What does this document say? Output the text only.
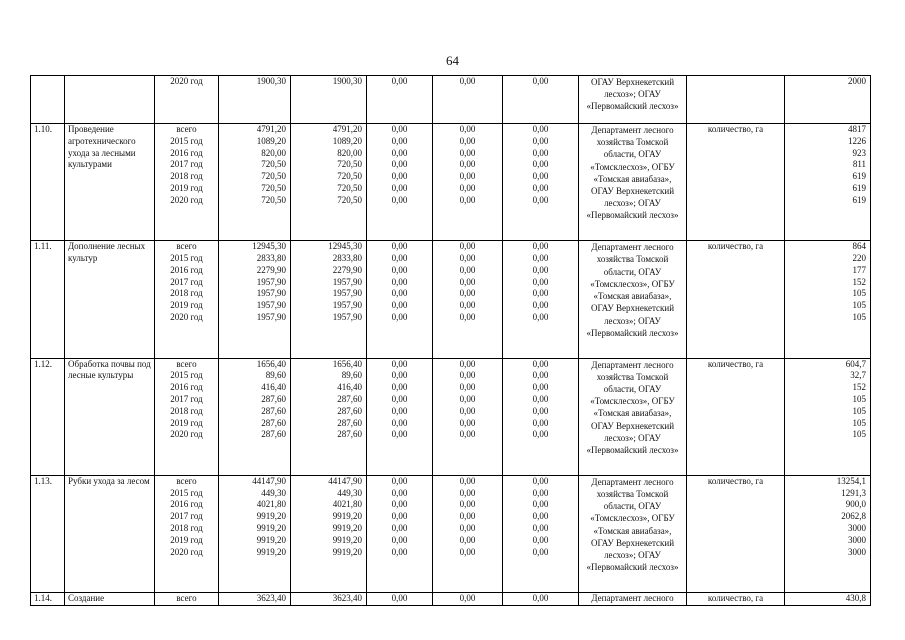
64
		2020 год	1900,30	1900,30	0,00	0,00	0,00	ОГАУ Верхнекетский лесхоз»; ОГАУ «Первомайский лесхоз»		2000
1.10.	Проведение агротехнического ухода за лесными культурами	всего	4791,20	4791,20	0,00	0,00	0,00	Департамент лесного хозяйства Томской области, ОГАУ «Томсклесхоз», ОГБУ «Томская авиабаза», ОГАУ Верхнекетский лесхоз»; ОГАУ «Первомайский лесхоз»	количество, га	4817
		2015 год	1089,20	1089,20	0,00	0,00	0,00			1226
		2016 год	820,00	820,00	0,00	0,00	0,00			923
		2017 год	720,50	720,50	0,00	0,00	0,00			811
		2018 год	720,50	720,50	0,00	0,00	0,00			619
		2019 год	720,50	720,50	0,00	0,00	0,00			619
		2020 год	720,50	720,50	0,00	0,00	0,00			619
1.11.	Дополнение лесных культур	всего	12945,30	12945,30	0,00	0,00	0,00	Департамент лесного хозяйства Томской области, ОГАУ «Томсклесхоз», ОГБУ «Томская авиабаза», ОГАУ Верхнекетский лесхоз»; ОГАУ «Первомайский лесхоз»	количество, га	864
		2015 год	2833,80	2833,80	0,00	0,00	0,00			220
		2016 год	2279,90	2279,90	0,00	0,00	0,00			177
		2017 год	1957,90	1957,90	0,00	0,00	0,00			152
		2018 год	1957,90	1957,90	0,00	0,00	0,00			105
		2019 год	1957,90	1957,90	0,00	0,00	0,00			105
		2020 год	1957,90	1957,90	0,00	0,00	0,00			105
1.12.	Обработка почвы под лесные культуры	всего	1656,40	1656,40	0,00	0,00	0,00	Департамент лесного хозяйства Томской области, ОГАУ «Томсклесхоз», ОГБУ «Томская авиабаза», ОГАУ Верхнекетский лесхоз»; ОГАУ «Первомайский лесхоз»	количество, га	604,7
		2015 год	89,60	89,60	0,00	0,00	0,00			32,7
		2016 год	416,40	416,40	0,00	0,00	0,00			152
		2017 год	287,60	287,60	0,00	0,00	0,00			105
		2018 год	287,60	287,60	0,00	0,00	0,00			105
		2019 год	287,60	287,60	0,00	0,00	0,00			105
		2020 год	287,60	287,60	0,00	0,00	0,00			105
1.13.	Рубки ухода за лесом	всего	44147,90	44147,90	0,00	0,00	0,00	Департамент лесного хозяйства Томской области, ОГАУ «Томсклесхоз», ОГБУ «Томская авиабаза», ОГАУ Верхнекетский лесхоз»; ОГАУ «Первомайский лесхоз»	количество, га	13254,1
		2015 год	449,30	449,30	0,00	0,00	0,00			1291,3
		2016 год	4021,80	4021,80	0,00	0,00	0,00			900,0
		2017 год	9919,20	9919,20	0,00	0,00	0,00			2062,8
		2018 год	9919,20	9919,20	0,00	0,00	0,00			3000
		2019 год	9919,20	9919,20	0,00	0,00	0,00			3000
		2020 год	9919,20	9919,20	0,00	0,00	0,00			3000
1.14.	Создание	всего	3623,40	3623,40	0,00	0,00	0,00	Департамент лесного	количество, га	430,8
